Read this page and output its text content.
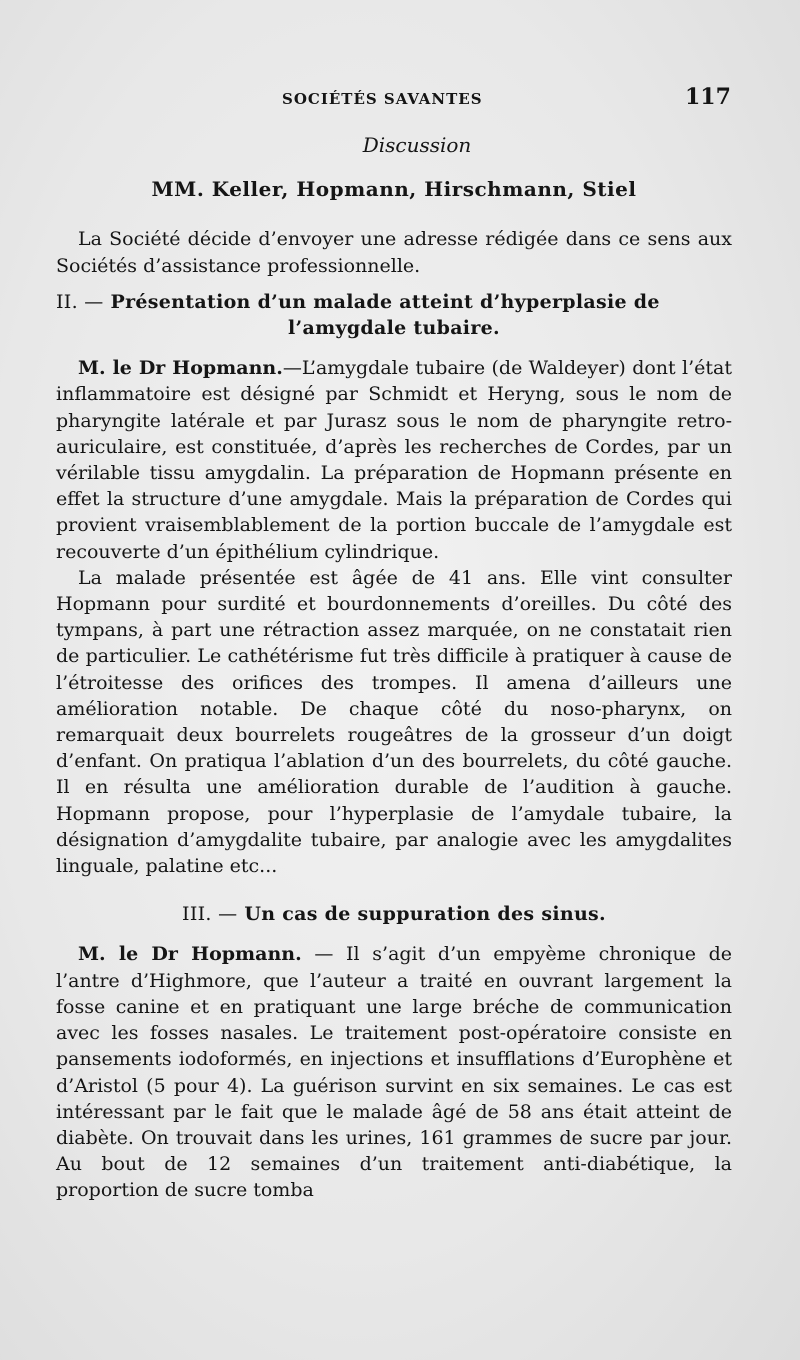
SOCIÉTÉS SAVANTES	117
Discussion
MM. Keller, Hopmann, Hirschmann, Stiel

La Société décide d’envoyer une adresse rédigée dans ce sens aux Sociétés d’assistance professionnelle.

II. — Présentation d’un malade atteint d’hyperplasie de
l’amygdale tubaire.

M. le Dr Hopmann.—L’amygdale tubaire (de Waldeyer) dont l’état inflammatoire est désigné par Schmidt et Heryng, sous le nom de pharyngite latérale et par Jurasz sous le nom de pharyngite retro-auriculaire, est constituée, d’après les recherches de Cordes, par un vérilable tissu amygdalin. La préparation de Hopmann présente en effet la structure d’une amygdale. Mais la préparation de Cordes qui provient vraisemblablement de la portion buccale de l’amygdale est recouverte d’un épithélium cylindrique.

La malade présentée est âgée de 41 ans. Elle vint consulter Hopmann pour surdité et bourdonnements d’oreilles. Du côté des tympans, à part une rétraction assez marquée, on ne constatait rien de particulier. Le cathétérisme fut très difficile à pratiquer à cause de l’étroitesse des orifices des trompes. Il amena d’ailleurs une amélioration notable. De chaque côté du noso-pharynx, on remarquait deux bourrelets rougeâtres de la grosseur d’un doigt d’enfant. On pratiqua l’ablation d’un des bourrelets, du côté gauche. Il en résulta une amélioration durable de l’audition à gauche. Hopmann propose, pour l’hyperplasie de l’amydale tubaire, la désignation d’amygdalite tubaire, par analogie avec les amygdalites linguale, palatine etc...

III. — Un cas de suppuration des sinus.

M. le Dr Hopmann. — Il s’agit d’un empyème chronique de l’antre d’Highmore, que l’auteur a traité en ouvrant largement la fosse canine et en pratiquant une large bréche de communication avec les fosses nasales. Le traitement post-opératoire consiste en pansements iodoformés, en injections et insufflations d’Europhène et d’Aristol (5 pour 4). La guérison survint en six semaines. Le cas est intéressant par le fait que le malade âgé de 58 ans était atteint de diabète. On trouvait dans les urines, 161 grammes de sucre par jour. Au bout de 12 semaines d’un traitement anti-diabétique, la proportion de sucre tomba
